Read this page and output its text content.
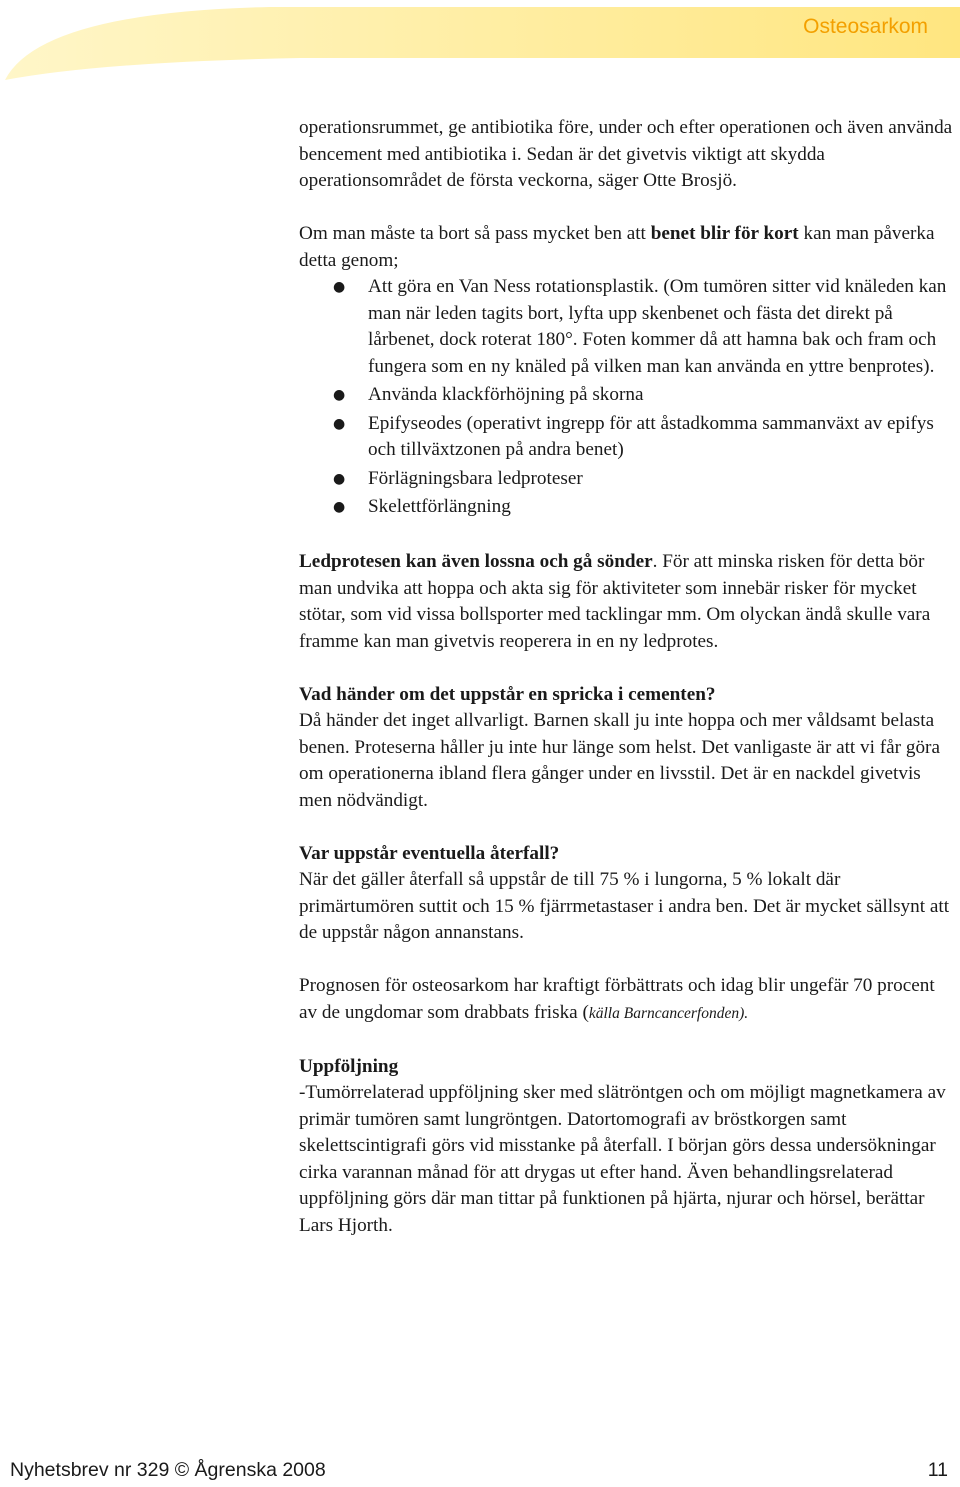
Osteosarkom

operationsrummet, ge antibiotika före, under och efter operationen och även använda bencement med antibiotika i. Sedan är det givetvis viktigt att skydda operationsområdet de första veckorna, säger Otte Brosjö.

Om man måste ta bort så pass mycket ben att benet blir för kort kan man påverka detta genom;

● Att göra en Van Ness rotationsplastik. (Om tumören sitter vid knäleden kan man när leden tagits bort, lyfta upp skenbenet och fästa det direkt på lårbenet, dock roterat 180°. Foten kommer då att hamna bak och fram och fungera som en ny knäled på vilken man kan använda en yttre benprotes).
● Använda klackförhöjning på skorna
● Epifyseodes (operativt ingrepp för att åstadkomma sammanväxt av epifys och tillväxtzonen på andra benet)
● Förlägningsbara ledproteser
● Skelettförlängning

Ledprotesen kan även lossna och gå sönder. För att minska risken för detta bör man undvika att hoppa och akta sig för aktiviteter som innebär risker för mycket stötar, som vid vissa bollsporter med tacklingar mm. Om olyckan ändå skulle vara framme kan man givetvis reoperera in en ny ledprotes.

Vad händer om det uppstår en spricka i cementen?

Då händer det inget allvarligt. Barnen skall ju inte hoppa och mer våldsamt belasta benen. Proteserna håller ju inte hur länge som helst. Det vanligaste är att vi får göra om operationerna ibland flera gånger under en livsstil. Det är en nackdel givetvis men nödvändigt.

Var uppstår eventuella återfall?

När det gäller återfall så uppstår de till 75 % i lungorna, 5 % lokalt där primärtumören suttit och 15 % fjärrmetastaser i andra ben. Det är mycket sällsynt att de uppstår någon annanstans.

Prognosen för osteosarkom har kraftigt förbättrats och idag blir ungefär 70 procent av de ungdomar som drabbats friska (källa Barncancerfonden).

Uppföljning

-Tumörrelaterad uppföljning sker med slätröntgen och om möjligt magnetkamera av primär tumören samt lungröntgen. Datortomografi av bröstkorgen samt skelettscintigrafi görs vid misstanke på återfall. I början görs dessa undersökningar cirka varannan månad för att drygas ut efter hand. Även behandlingsrelaterad uppföljning görs där man tittar på funktionen på hjärta, njurar och hörsel, berättar Lars Hjorth.

Nyhetsbrev nr 329 © Ågrenska 2008	11
